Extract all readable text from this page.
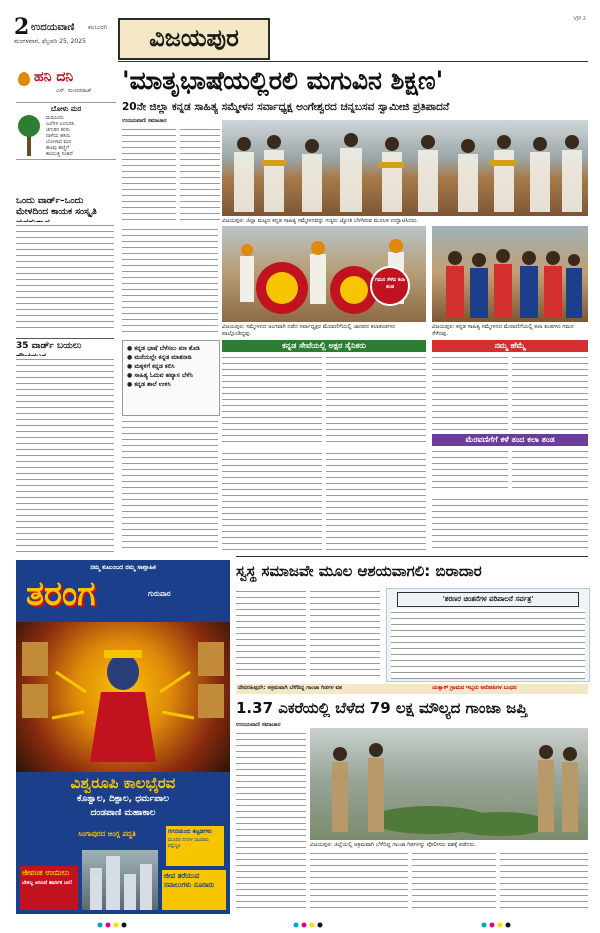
2 ಉದಯವಾಣಿ ಕಲಬುರಗಿ
ಮಂಗಳವಾರ, ಫೆಬ್ರವರಿ 25, 2025	ವಿಜಯಪುರ
VJP 2
ಹನಿ ದನಿ
ಎಸ್. ಸುಂದರರಾಜ್
ಬೋಳು ಮರ
ಮರವಿಂದು
ಎಲೆಗಳ ಉದುರಿಸಿ
ಚಿಗುರಿನ ಕನಸು
ನಾಳೆಯ ಹಸಿರು
ಬೋಳಾದ ಮರ
ಹೂವು ಹಣ್ಣಿಗೆ
ಕಾಯುತ್ತ ನಿಂತಿದೆ
ಒಂದು ವಾರ್ಡ್‌–ಒಂದು ಮೇಳದಿಂದ ಕಾಯಕ ಸಂಸ್ಕೃತಿ
35 ವಾರ್ಡ್ ಬಯಲು
'ಮಾತೃಭಾಷೆಯಲ್ಲಿರಲಿ ಮಗುವಿನ ಶಿಕ್ಷಣ'
20ನೇ ಜಿಲ್ಲಾ ಕನ್ನಡ ಸಾಹಿತ್ಯ ಸಮ್ಮೇಳನ ಸರ್ವಾಧ್ಯಕ್ಷ ಅಂಗೇಶ್ವರದ ಚನ್ನಬಸವ ಸ್ವಾಮೀಜಿ ಪ್ರತಿಪಾದನೆ
ಉದಯವಾಣಿ ಸಮಾಚಾರ
ವಿಜಯಪುರ: ಜಿಲ್ಲಾ ಮಟ್ಟದ ಕನ್ನಡ ಸಾಹಿತ್ಯ ಸಮ್ಮೇಳನವನ್ನು ಗಣ್ಯರು ಜ್ಯೋತಿ ಬೆಳಗಿಸುವ ಮೂಲಕ ಉದ್ಘಾಟಿಸಿದರು.
ಗಮನ ಸೆಳೆದ ಕಲಾ ತಂಡ
ವಿಜಯಪುರ: ಸಮ್ಮೇಳನದ ಅಂಗವಾಗಿ ನಡೆದ ಸರ್ವಾಧ್ಯಕ್ಷರ ಮೆರವಣಿಗೆಯಲ್ಲಿ ಜಾನಪದ ಕಲಾತಂಡಗಳು ಪಾಲ್ಗೊಂಡಿದ್ದವು.
ವಿಜಯಪುರ: ಕನ್ನಡ ಸಾಹಿತ್ಯ ಸಮ್ಮೇಳನದ ಮೆರವಣಿಗೆಯಲ್ಲಿ ಕಲಾ ತಂಡಗಳು ಗಮನ ಸೆಳೆದವು.
● ಕನ್ನಡ ಭಾಷೆ ಬೆಳೆಸಲು ಪಣ ತೊಡಿ
● ಮನೆಯಲ್ಲೇ ಕನ್ನಡ ಮಾತನಾಡಿ
● ಮಕ್ಕಳಿಗೆ ಕನ್ನಡ ಕಲಿಸಿ
● ಸಾಹಿತ್ಯ ಓದುವ ಹವ್ಯಾಸ ಬೆಳೆಸಿ
● ಕನ್ನಡ ಶಾಲೆ ಉಳಿಸಿ
ಕನ್ನಡ ಸೇವೆಯಲ್ಲಿ ಅಕ್ಷರ ಸೈನಿಕರು	ನಮ್ಮ ಹೆಮ್ಮೆ
ಮೆರವಣಿಗೆಗೆ ಕಳೆ ತಂದ ಕಲಾ ತಂಡ
ಸ್ವಸ್ಥ ಸಮಾಜವೇ ಮೂಲ ಆಶಯವಾಗಲಿ: ಬಿರಾದಾರ
'ಶರಣರ ಚಿಂತನೆಗಳ ಪರಿಪಾಲನೆ ಸರ್ವತ್ರ'
ನಮ್ಮ ಕುಟುಂಬದ ನಮ್ಮ ಸಾಪ್ತಾಹಿಕ
ತರಂಗ	ಗುರುವಾರ
ವಿಶ್ವರೂಪಿ ಕಾಲಭೈರವ
ಕೊತ್ವಾಲ, ದಿಕ್ಪಾಲ, ಧರ್ಮಪಾಲ
ದಂಡಪಾಣಿ ಮಹಾಕಾಲ
ಸಿಂಗಾಪುರದ ಆಂಗ್ಲ ಪದ್ಧತಿ	ಗಗನಚುಂಬಿ ಕಟ್ಟಡಗಳು
ಮುಂದಿನ ದಿನಗಳ ಸಾವಿರಾರು ವಸ್ತುಸ್ಥಿತಿ
ಜೀವಂತ ಉಯಿಲು
ಬೇಕಿಲ್ಲ ಅನಿಸಿದೆ ಹಾರ್ದಿಕ ಜನ!
ಜೀವ ತರೆಯುವ ಸವಾಲುಗಳು ನೂರಾರು
ದೇವರಹಿಪ್ಪರಗಿ: ಅಕ್ರಮವಾಗಿ ಬೆಳೆದಿದ್ದ ಗಾಂಜಾ ಗಿಡಗಳ ವಶ	ಯತ್ನಾಳ್ ಗ್ರಾಮದ ಇಬ್ಬರು ಆರೋಪಿಗಳ ಬಂಧನ
1.37 ಎಕರೆಯಲ್ಲಿ ಬೆಳೆದ 79 ಲಕ್ಷ ಮೌಲ್ಯದ ಗಾಂಜಾ ಜಪ್ತಿ
ಉದಯವಾಣಿ ಸಮಾಚಾರ
ವಿಜಯಪುರ: ಜಿಲ್ಲೆಯಲ್ಲಿ ಅಕ್ರಮವಾಗಿ ಬೆಳೆದಿದ್ದ ಗಾಂಜಾ ಗಿಡಗಳನ್ನು ಪೊಲೀಸರು ವಶಕ್ಕೆ ಪಡೆದರು.
